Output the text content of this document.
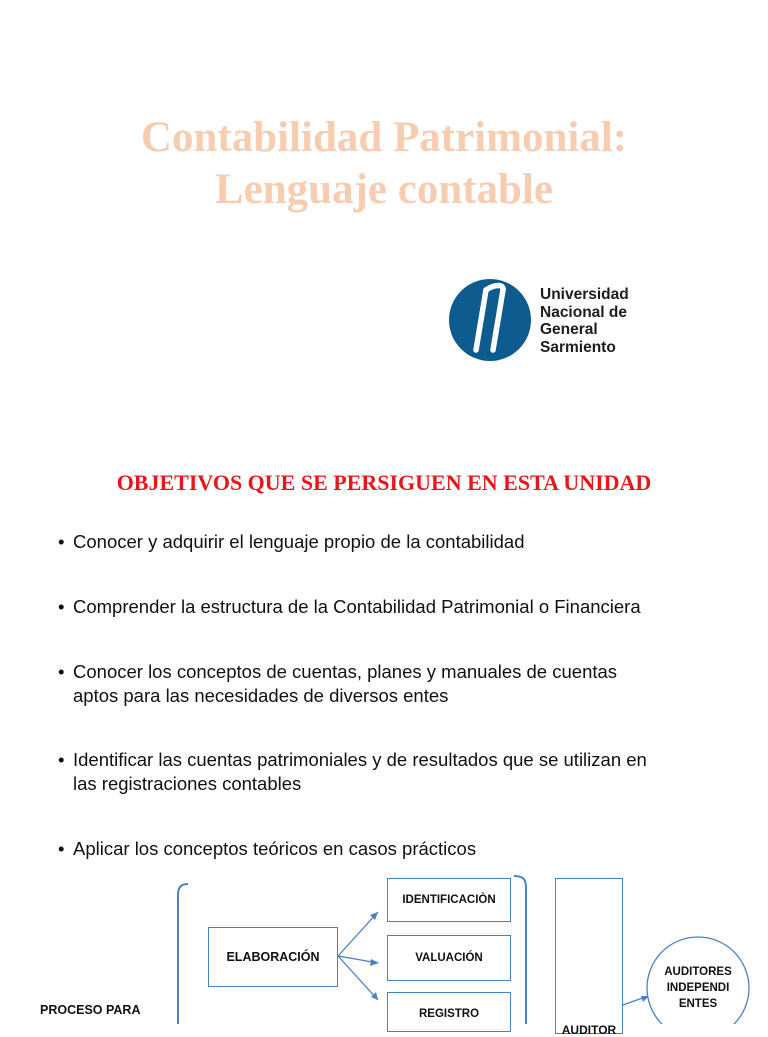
Contabilidad Patrimonial:
Lenguaje contable
Universidad
Nacional de
General
Sarmiento
OBJETIVOS QUE SE PERSIGUEN EN ESTA UNIDAD
• Conocer y adquirir el lenguaje propio de la contabilidad
• Comprender la estructura de la Contabilidad Patrimonial o Financiera
• Conocer los conceptos de cuentas, planes y manuales de cuentas
aptos para las necesidades de diversos entes
• Identificar las cuentas patrimoniales y de resultados que se utilizan en
las registraciones contables
• Aplicar los conceptos teóricos en casos prácticos
ELABORACIÓN
IDENTIFICACIÒN
VALUACIÓN
REGISTRO
AUDITOR
AUDITORES
INDEPENDI
ENTES
PROCESO PARA
